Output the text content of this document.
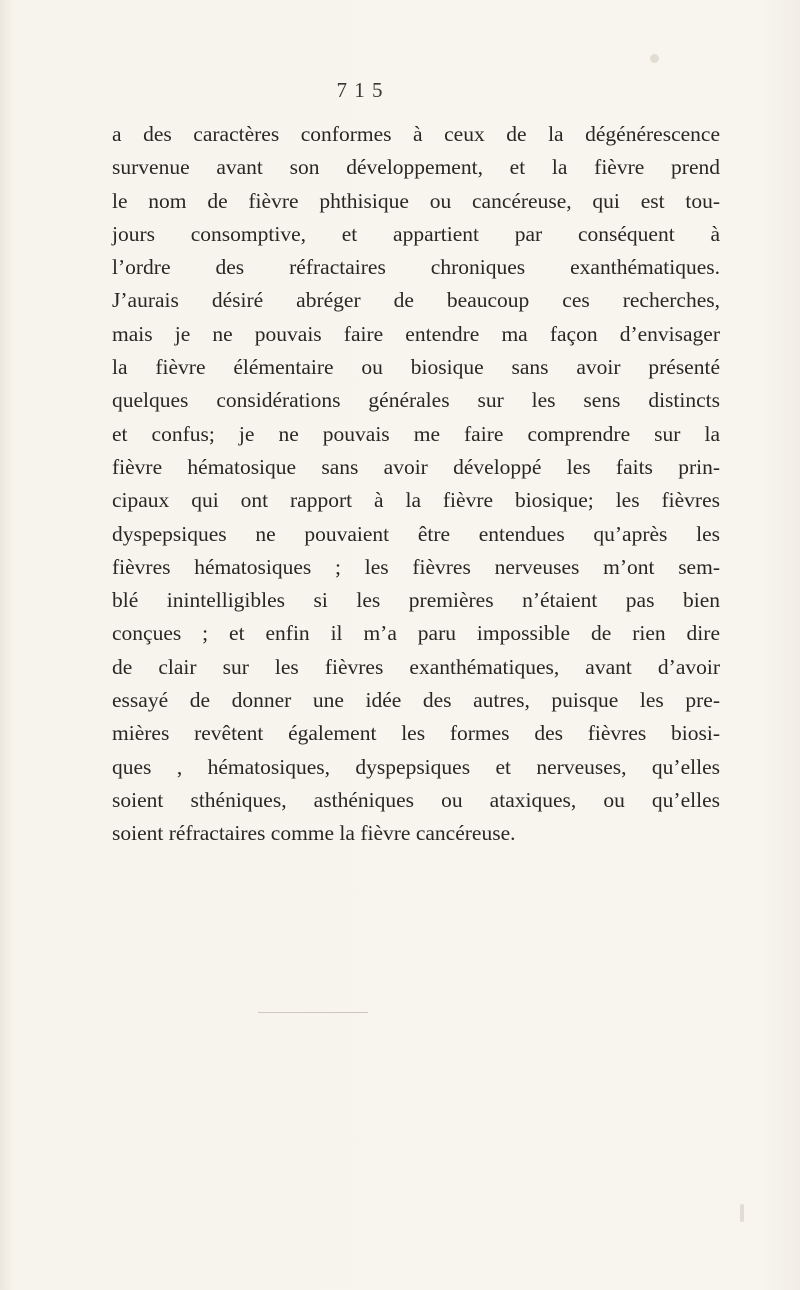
7 1 5
a des caractères conformes à ceux de la dégénérescence
survenue avant son développement, et la fièvre prend
le nom de fièvre phthisique ou cancéreuse, qui est tou-
jours consomptive, et appartient par conséquent à
l’ordre des réfractaires chroniques exanthématiques.
J’aurais désiré abréger de beaucoup ces recherches,
mais je ne pouvais faire entendre ma façon d’envisager
la fièvre élémentaire ou biosique sans avoir présenté
quelques considérations générales sur les sens distincts
et confus; je ne pouvais me faire comprendre sur la
fièvre hématosique sans avoir développé les faits prin-
cipaux qui ont rapport à la fièvre biosique; les fièvres
dyspepsiques ne pouvaient être entendues qu’après les
fièvres hématosiques ; les fièvres nerveuses m’ont sem-
blé inintelligibles si les premières n’étaient pas bien
conçues ; et enfin il m’a paru impossible de rien dire
de clair sur les fièvres exanthématiques, avant d’avoir
essayé de donner une idée des autres, puisque les pre-
mières revêtent également les formes des fièvres biosi-
ques , hématosiques, dyspepsiques et nerveuses, qu’elles
soient sthéniques, asthéniques ou ataxiques, ou qu’elles
soient réfractaires comme la fièvre cancéreuse.
